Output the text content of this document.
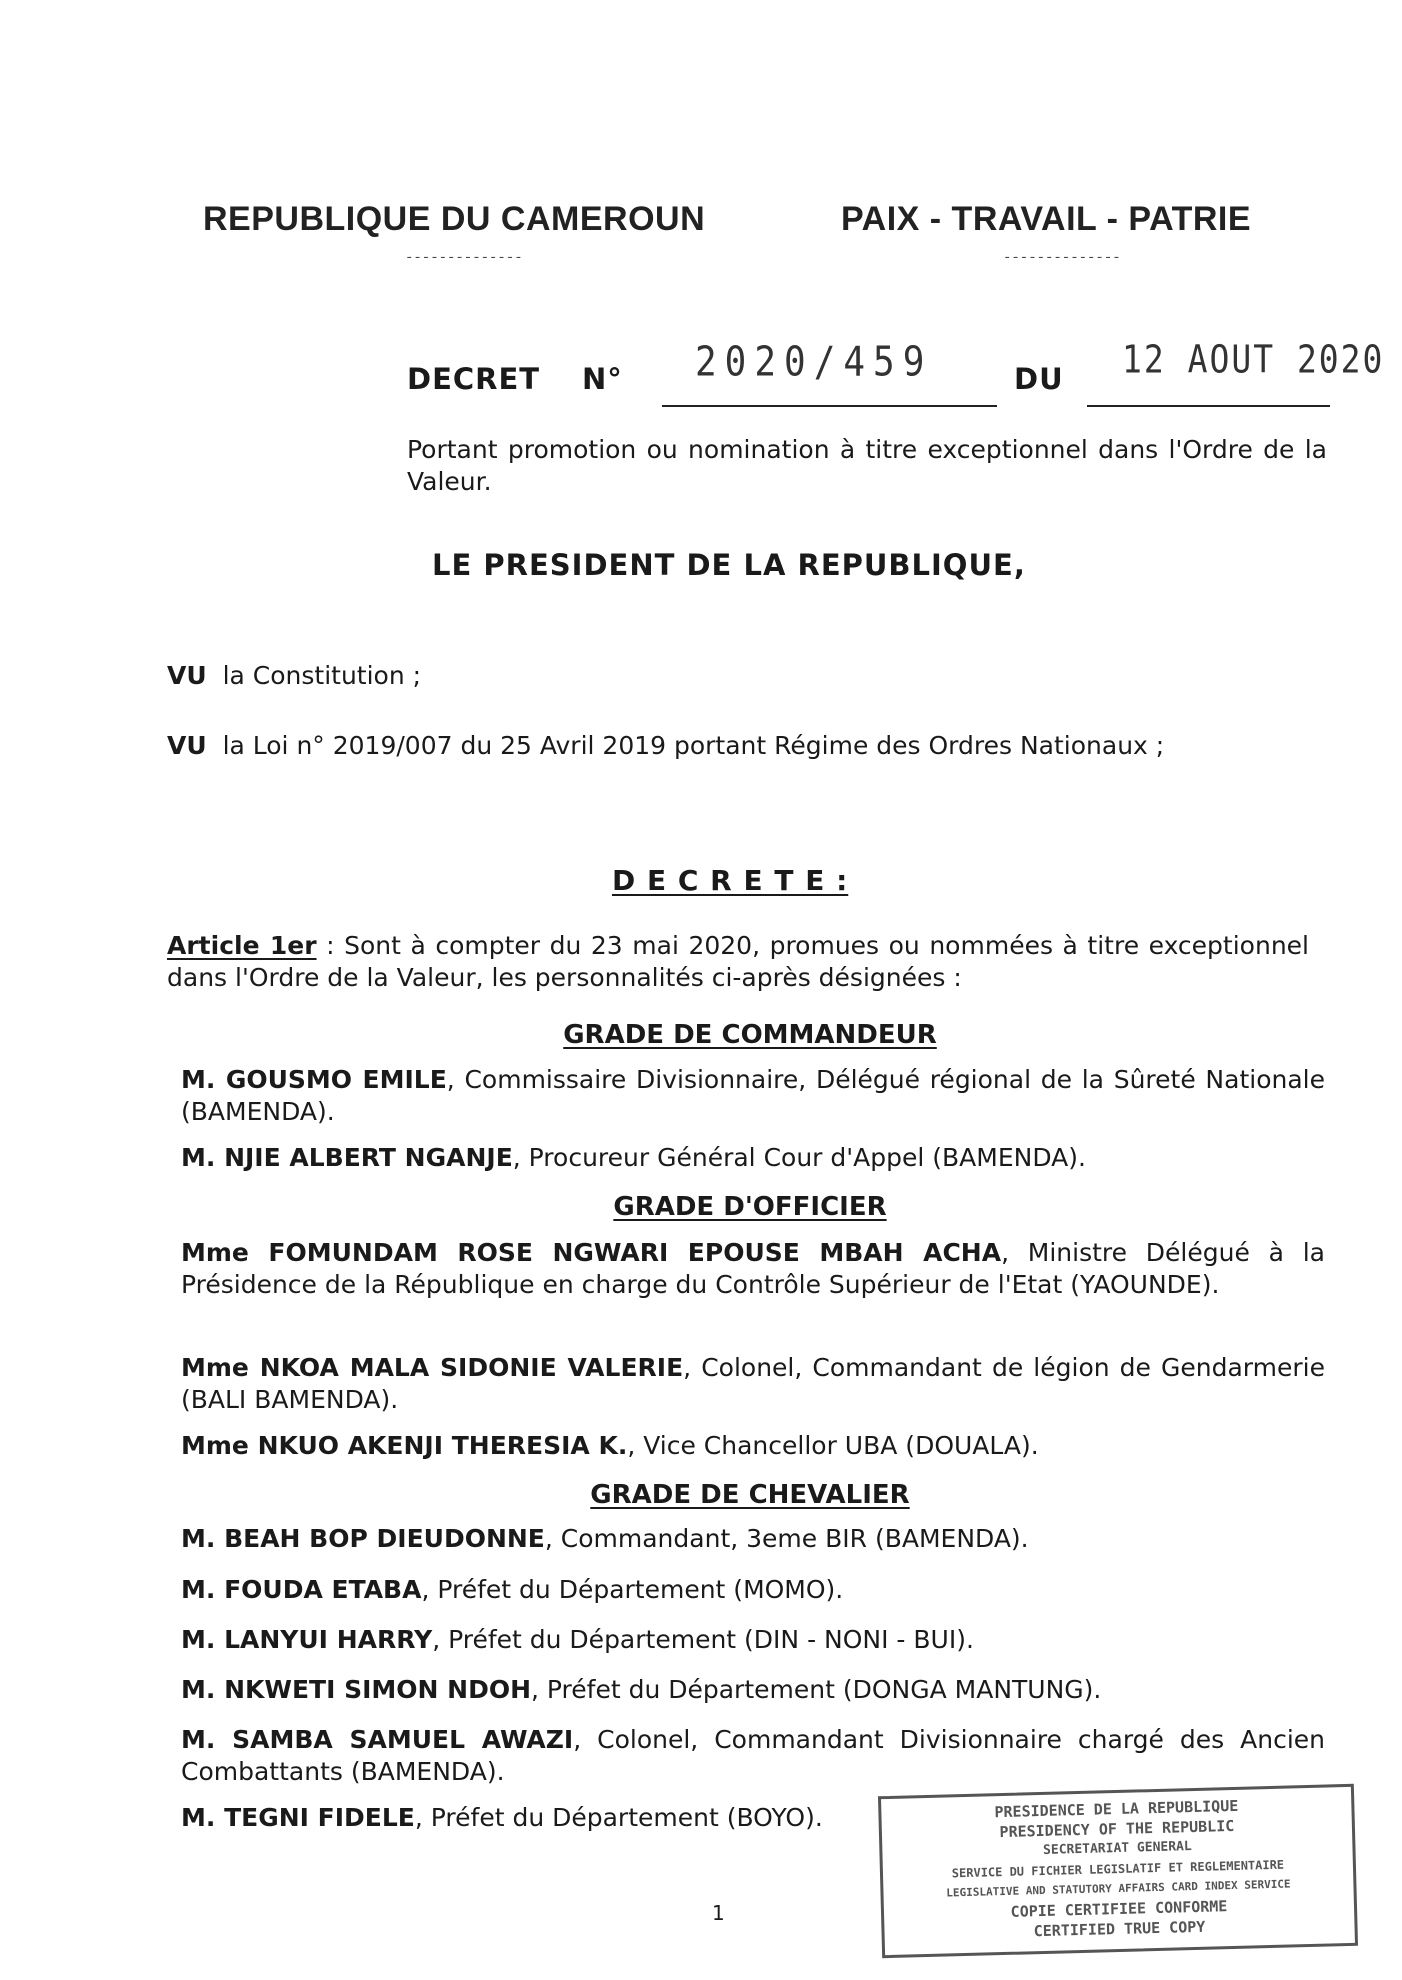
REPUBLIQUE DU CAMEROUN
--------------
PAIX - TRAVAIL - PATRIE
--------------
DECRET N° 2020/459	DU 12 AOUT 2020
Portant promotion ou nomination à titre exceptionnel dans l'Ordre de la Valeur.
LE PRESIDENT DE LA REPUBLIQUE,
VU la Constitution ;
VU la Loi n° 2019/007 du 25 Avril 2019 portant Régime des Ordres Nationaux ;
D E C R E T E :
Article 1er : Sont à compter du 23 mai 2020, promues ou nommées à titre exceptionnel dans l'Ordre de la Valeur, les personnalités ci-après désignées :
GRADE DE COMMANDEUR
M. GOUSMO EMILE, Commissaire Divisionnaire, Délégué régional de la Sûreté Nationale (BAMENDA).
M. NJIE ALBERT NGANJE, Procureur Général Cour d'Appel (BAMENDA).
GRADE D'OFFICIER
Mme FOMUNDAM ROSE NGWARI EPOUSE MBAH ACHA, Ministre Délégué à la Présidence de la République en charge du Contrôle Supérieur de l'Etat (YAOUNDE).
Mme NKOA MALA SIDONIE VALERIE, Colonel, Commandant de légion de Gendarmerie (BALI BAMENDA).
Mme NKUO AKENJI THERESIA K., Vice Chancellor UBA (DOUALA).
GRADE DE CHEVALIER
M. BEAH BOP DIEUDONNE, Commandant, 3eme BIR (BAMENDA).
M. FOUDA ETABA, Préfet du Département (MOMO).
M. LANYUI HARRY, Préfet du Département (DIN - NONI - BUI).
M. NKWETI SIMON NDOH, Préfet du Département (DONGA MANTUNG).
M. SAMBA SAMUEL AWAZI, Colonel, Commandant Divisionnaire chargé des Ancien Combattants (BAMENDA).
M. TEGNI FIDELE, Préfet du Département (BOYO).	PRESIDENCE DE LA REPUBLIQUE
PRESIDENCY OF THE REPUBLIC
SECRETARIAT GENERAL
SERVICE DU FICHIER LEGISLATIF ET REGLEMENTAIRE
LEGISLATIVE AND STATUTORY AFFAIRS CARD INDEX SERVICE
COPIE CERTIFIEE CONFORME
CERTIFIED TRUE COPY
1
